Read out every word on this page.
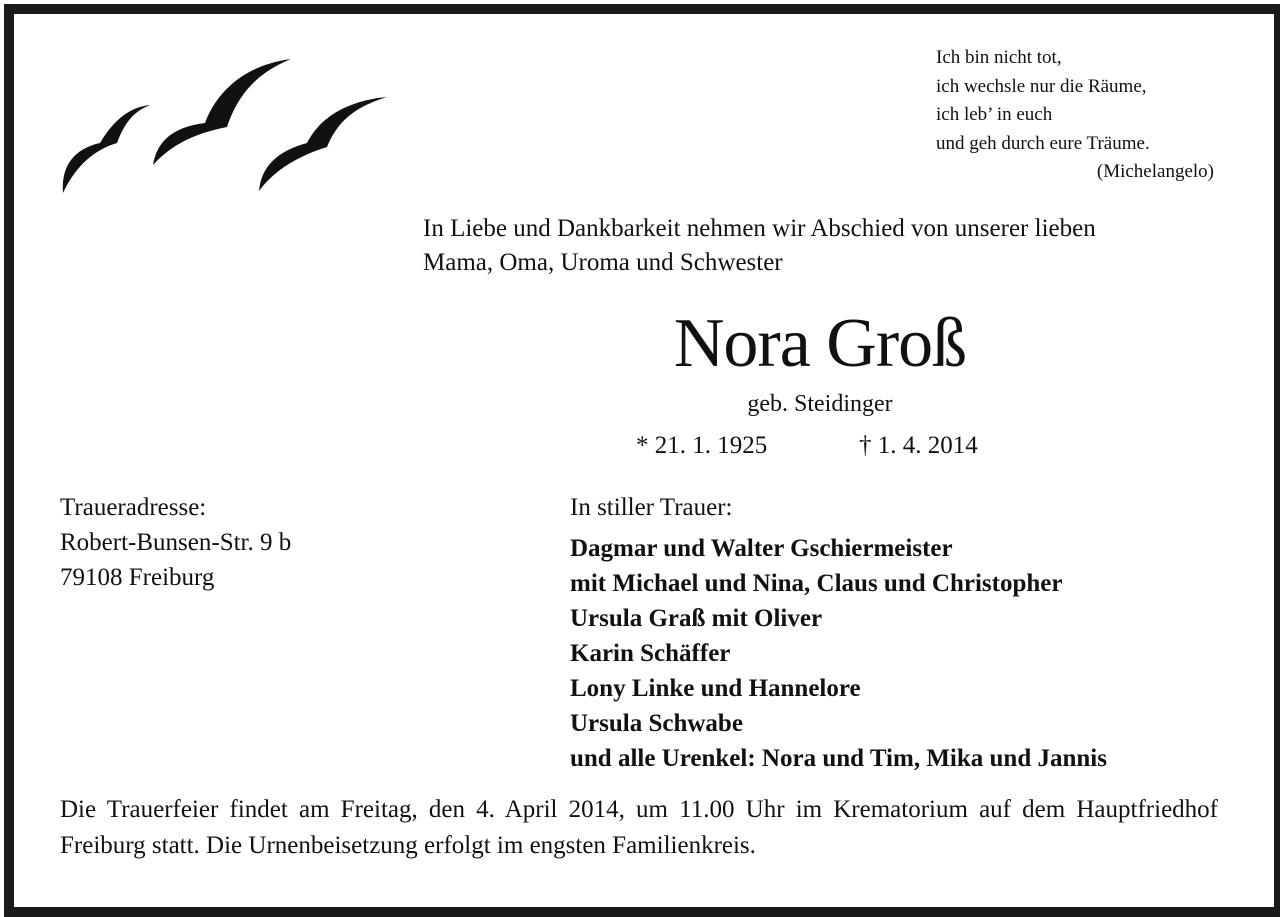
Ich bin nicht tot,
ich wechsle nur die Räume,
ich leb’ in euch
und geh durch eure Träume.
(Michelangelo)
In Liebe und Dankbarkeit nehmen wir Abschied von unserer lieben
Mama, Oma, Uroma und Schwester
Nora Groß
geb. Steidinger
* 21. 1. 1925	† 1. 4. 2014
Traueradresse:
Robert-Bunsen-Str. 9 b
79108 Freiburg
In stiller Trauer:
Dagmar und Walter Gschiermeister
mit Michael und Nina, Claus und Christopher
Ursula Graß mit Oliver
Karin Schäffer
Lony Linke und Hannelore
Ursula Schwabe
und alle Urenkel: Nora und Tim, Mika und Jannis
Die Trauerfeier findet am Freitag, den 4. April 2014, um 11.00 Uhr im Krematorium auf dem Hauptfriedhof Freiburg statt. Die Urnenbeisetzung erfolgt im engsten Familienkreis.
